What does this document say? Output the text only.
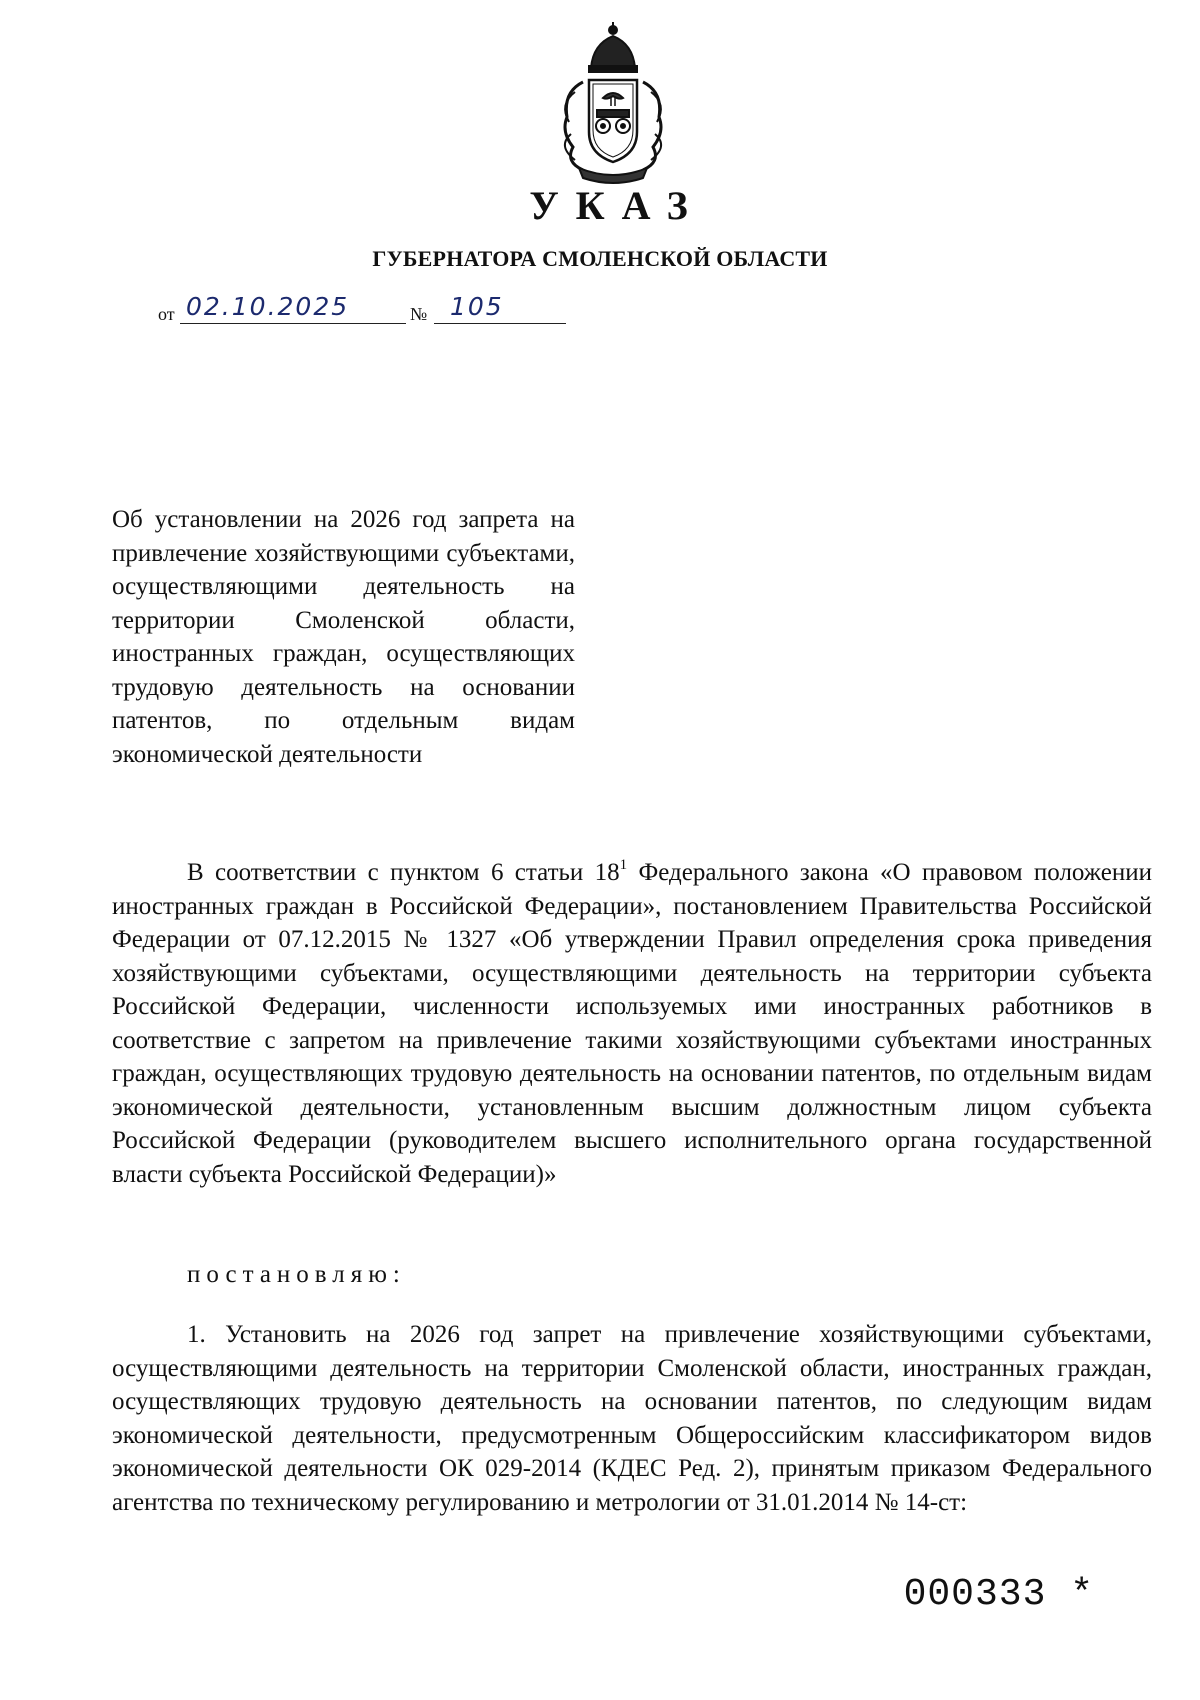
УКАЗ
ГУБЕРНАТОРА СМОЛЕНСКОЙ ОБЛАСТИ
от 02.10.2025	№ 105
Об установлении на 2026 год запрета на привлечение хозяйствующими субъектами, осуществляющими деятельность на территории Смоленской области, иностранных граждан, осуществляющих трудовую деятельность на основании патентов, по отдельным видам экономической деятельности
В соответствии с пунктом 6 статьи $18^1$ Федерального закона «О правовом положении иностранных граждан в Российской Федерации», постановлением Правительства Российской Федерации от 07.12.2015 № 1327 «Об утверждении Правил определения срока приведения хозяйствующими субъектами, осуществляющими деятельность на территории субъекта Российской Федерации, численности используемых ими иностранных работников в соответствие с запретом на привлечение такими хозяйствующими субъектами иностранных граждан, осуществляющих трудовую деятельность на основании патентов, по отдельным видам экономической деятельности, установленным высшим должностным лицом субъекта Российской Федерации (руководителем высшего исполнительного органа государственной власти субъекта Российской Федерации)»
постановляю:
1. Установить на 2026 год запрет на привлечение хозяйствующими субъектами, осуществляющими деятельность на территории Смоленской области, иностранных граждан, осуществляющих трудовую деятельность на основании патентов, по следующим видам экономической деятельности, предусмотренным Общероссийским классификатором видов экономической деятельности ОК 029-2014 (КДЕС Ред. 2), принятым приказом Федерального агентства по техническому регулированию и метрологии от 31.01.2014 № 14-ст:
000333 *
